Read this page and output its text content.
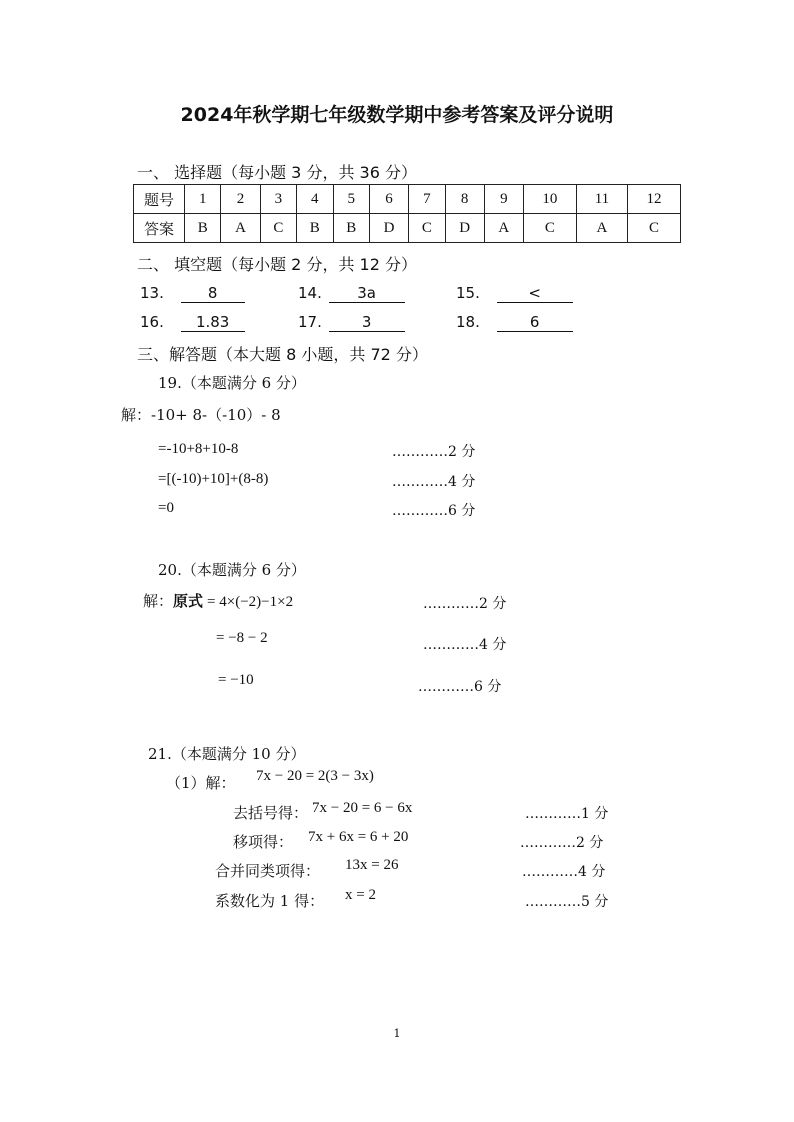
2024年秋学期七年级数学期中参考答案及评分说明
一、 选择题（每小题 3 分，共 36 分）
题号	1	2	3	4	5	6	7	8	9	10	11	12
答案	B	A	C	B	B	D	C	D	A	C	A	C
二、 填空题（每小题 2 分，共 12 分）
13.	8	14. 3a	15.	<
16. 1.83	17.	3	18.	6
三、解答题（本大题 8 小题，共 72 分）
19.（本题满分 6 分）
解：-10+ 8-（-10）- 8
=-10+8+10-8	…………2 分
=[(-10)+10]+(8-8)	…………4 分
=0	…………6 分
20.（本题满分 6 分）
解：原式 = 4×(−2)−1×2	…………2 分
= −8 − 2	…………4 分
= −10	…………6 分
21.（本题满分 10 分）
（1）解： 7x − 20 = 2(3 − 3x)
去括号得： 7x − 20 = 6 − 6x	…………1 分
移项得： 7x + 6x = 6 + 20	…………2 分
合并同类项得： 13x = 26	…………4 分
系数化为 1 得： x = 2	…………5 分
1
